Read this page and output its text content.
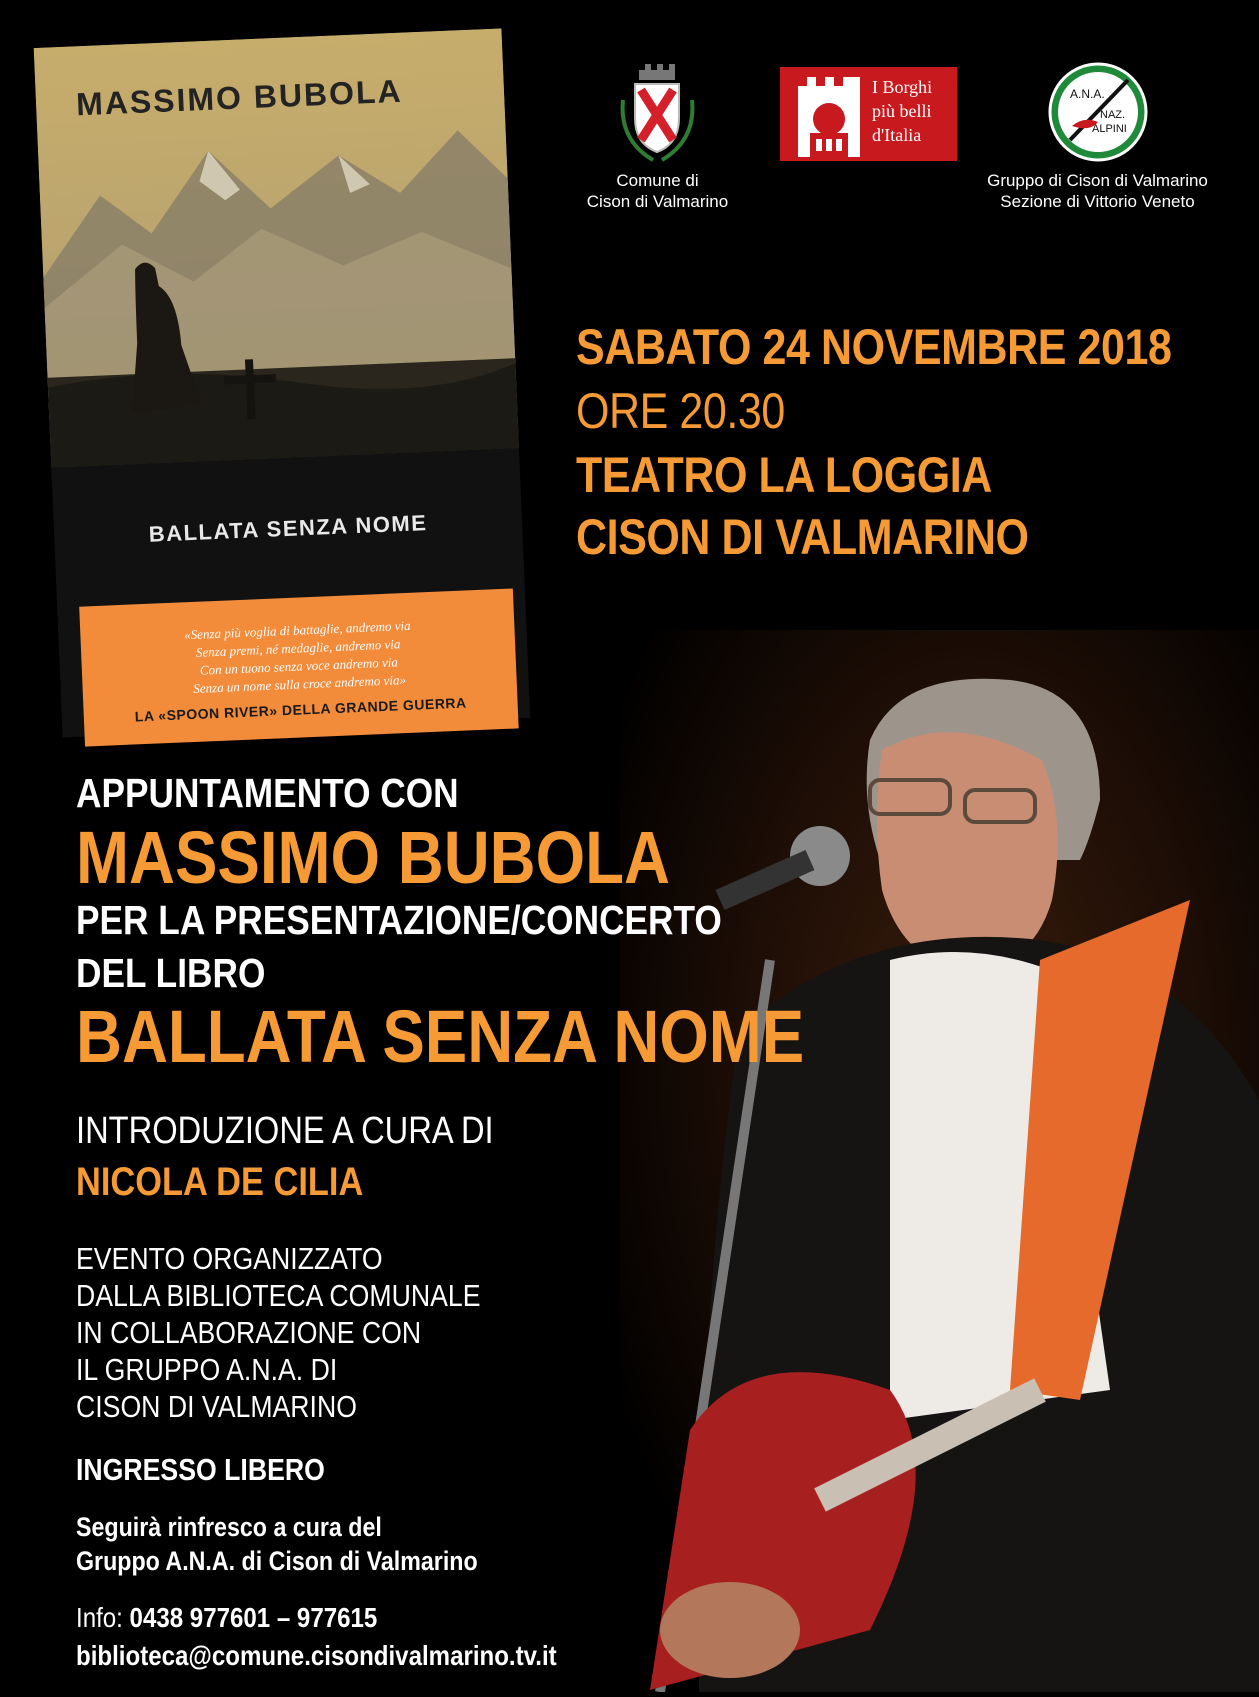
MASSIMO BUBOLA
BALLATA SENZA NOME
«Senza più voglia di battaglie, andremo via
Senza premi, né medaglie, andremo via
Con un tuono senza voce andremo via
Senza un nome sulla croce andremo via»
LA «SPOON RIVER» DELLA GRANDE GUERRA
Comune di
Cison di Valmarino
I Borghi
più belli
d'Italia
A.N.A.
NAZ.
ALPINI
Gruppo di Cison di Valmarino
Sezione di Vittorio Veneto
SABATO 24 NOVEMBRE 2018
ORE 20.30
TEATRO LA LOGGIA
CISON DI VALMARINO
APPUNTAMENTO CON
MASSIMO BUBOLA
PER LA PRESENTAZIONE/CONCERTO
DEL LIBRO
BALLATA SENZA NOME
INTRODUZIONE A CURA DI
NICOLA DE CILIA
EVENTO ORGANIZZATO
DALLA BIBLIOTECA COMUNALE
IN COLLABORAZIONE CON
IL GRUPPO A.N.A. DI
CISON DI VALMARINO
INGRESSO LIBERO
Seguirà rinfresco a cura del
Gruppo A.N.A. di Cison di Valmarino
Info: 0438 977601 – 977615
biblioteca@comune.cisondivalmarino.tv.it
